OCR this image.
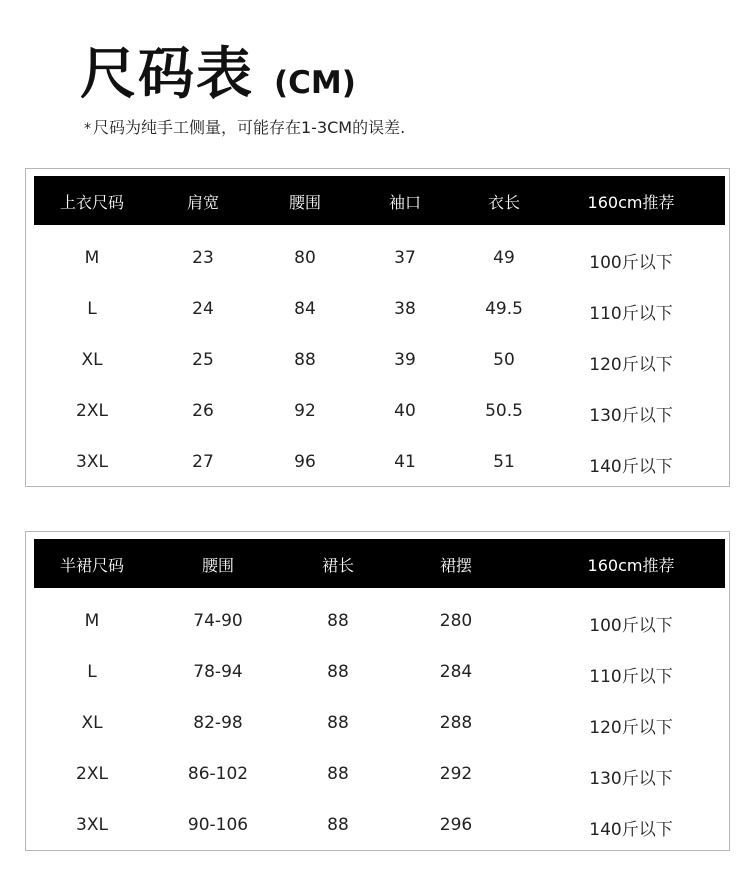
尺码表 (CM)
* 尺码为纯手工侧量，可能存在1-3CM的误差.
上衣尺码	肩宽	腰围	袖口	衣长	160cm推荐
M	23	80	37	49	100斤以下
L	24	84	38	49.5	110斤以下
XL	25	88	39	50	120斤以下
2XL	26	92	40	50.5	130斤以下
3XL	27	96	41	51	140斤以下
半裙尺码	腰围	裙长	裙摆	160cm推荐
M	74-90	88	280	100斤以下
L	78-94	88	284	110斤以下
XL	82-98	88	288	120斤以下
2XL	86-102	88	292	130斤以下
3XL	90-106	88	296	140斤以下
